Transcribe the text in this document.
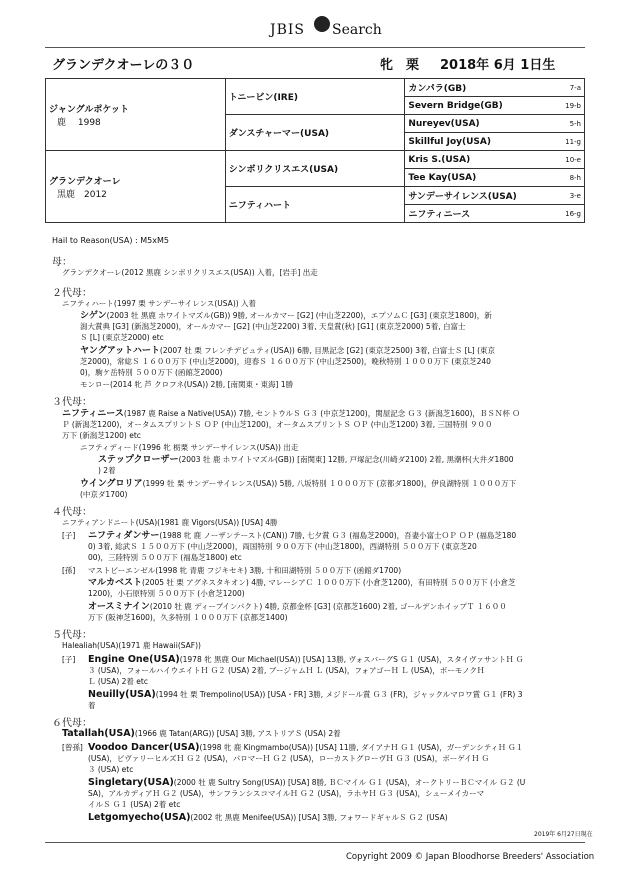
JBIS Search
グランデクオーレの３０	牝　栗 2018年 6月 1日生
ジャングルポケット
鹿　 1998	トニービン(IRE)	カンパラ(GB)	7-a
		Severn Bridge(GB)	19-b
	ダンスチャーマー(USA)	Nureyev(USA)	5-h
		Skillful Joy(USA)	11-g

グランデクオーレ
黒鹿　2012	シンボリクリスエス(USA)	Kris S.(USA)	10-e
		Tee Kay(USA)	8-h
	ニフティハート	サンデーサイレンス(USA)	3-e
		ニフティニース	16-g
Hail to Reason(USA) : M5xM5
母：
グランデクオーレ(2012 黒鹿 シンボリクリスエス(USA)) 入着，[岩手] 出走
２代母：
ニフティハート(1997 栗 サンデーサイレンス(USA)) 入着
シゲン(2003 牡 黒鹿 ホワイトマズル(GB)) 9勝, オールカマー [G2] (中山芝2200)，エプソムＣ [G3] (東京芝1800)，新
潟大賞典 [G3] (新潟芝2000)，オールカマー [G2] (中山芝2200) 3着, 天皇賞(秋) [G1] (東京芝2000) 5着, 白富士
Ｓ [L] (東京芝2000) etc
ヤングアットハート(2007 牡 栗 フレンチデピュティ(USA)) 6勝, 目黒記念 [G2] (東京芝2500) 3着, 白富士Ｓ [L] (東京
芝2000)，常総Ｓ １６００万下 (中山芝2000)，迎春Ｓ １６００万下 (中山芝2500)，晩秋特別 １０００万下 (東京芝240
0)，駒ケ岳特別 ５００万下 (函館芝2000)
モンロー(2014 牝 芦 クロフネ(USA)) 2勝, [南関東・東海] 1勝
３代母：
ニフティニース(1987 鹿 Raise a Native(USA)) 7勝, セントウルＳ Ｇ３ (中京芝1200)，関屋記念 Ｇ３ (新潟芝1600)，ＢＳＮ杯 Ｏ
Ｐ (新潟芝1200)，オータムスプリントＳ ＯＰ (中山芝1200)，オータムスプリントＳ ＯＰ (中山芝1200) 3着, 三国特別 ９００
万下 (新潟芝1200) etc
ニフティディード(1996 牝 栃栗 サンデーサイレンス(USA)) 出走
ステップクローザー(2003 牡 鹿 ホワイトマズル(GB)) [南関東] 12勝, 戸塚記念(川崎ダ2100) 2着, 黒潮杯(大井ダ1800
) 2着
ウイングロリア(1999 牡 栗 サンデーサイレンス(USA)) 5勝, 八坂特別 １０００万下 (京都ダ1800)，伊良湖特別 １０００万下
(中京ダ1700)
４代母：
ニフティアンドニート(USA)(1981 鹿 Vigors(USA)) [USA] 4勝
[子] ニフティダンサー(1988 牝 鹿 ノーザンテースト(CAN)) 7勝, 七夕賞 Ｇ３ (福島芝2000)，吾妻小富士ＯＰ ＯＰ (福島芝180
0) 3着, 総武Ｓ １５００万下 (中山芝2000)，両国特別 ９００万下 (中山芝1800)，西湖特別 ５００万下 (東京芝20
00)，三陸特別 ５００万下 (福島芝1800) etc
[孫] マストビーエンゼル(1998 牝 青鹿 フジキセキ) 3勝, 十和田湖特別 ５００万下 (函館ダ1700)
マルカベスト(2005 牡 栗 アグネスタキオン) 4勝, マレーシアＣ １０００万下 (小倉芝1200)，有田特別 ５００万下 (小倉芝
1200)，小石原特別 ５００万下 (小倉芝1200)
オースミナイン(2010 牡 鹿 ディープインパクト) 4勝, 京都金杯 [G3] (京都芝1600) 2着, ゴールデンホイップＴ １６００
万下 (阪神芝1600)，久多特別 １０００万下 (京都芝1400)
５代母：
Halealiah(USA)(1971 鹿 Hawaii(SAF))
[子] Engine One(USA)(1978 牝 黒鹿 Our Michael(USA)) [USA] 13勝, ヴォスバーグS Ｇ１ (USA)，スタイヴァサントＨ Ｇ
３ (USA)，フォールハイウエイトＨ Ｇ２ (USA) 2着, ブージャムＨ Ｌ (USA)，フォアゴーＨ Ｌ (USA)，ボーモノクＨ
Ｌ (USA) 2着 etc
Neuilly(USA)(1994 牡 栗 Trempolino(USA)) [USA・FR] 3勝, メジドール賞 Ｇ３ (FR)，ジャックルマロワ賞 Ｇ１ (FR) 3
着
６代母：
Tatallah(USA)(1966 鹿 Tatan(ARG)) [USA] 3勝, アストリアＳ (USA) 2着
[曾孫] Voodoo Dancer(USA)(1998 牝 鹿 Kingmambo(USA)) [USA] 11勝, ダイアナＨ Ｇ１ (USA)，ガーデンシティＨ Ｇ１
(USA)，ビヴァリーヒルズＨ Ｇ２ (USA)，パロマーＨ Ｇ２ (USA)，ローカストグローヴＨ Ｇ３ (USA)，ボーゲイＨ Ｇ
３ (USA) etc
Singletary(USA)(2000 牡 鹿 Sultry Song(USA)) [USA] 8勝, ＢＣマイル Ｇ１ (USA)，オークトリーＢＣマイル Ｇ２ (U
SA)，アルカディアＨ Ｇ２ (USA)，サンフランシスコマイルＨ Ｇ２ (USA)，ラホヤＨ Ｇ３ (USA)，シューメイカーマ
イルＳ Ｇ１ (USA) 2着 etc
Letgomyecho(USA)(2002 牝 黒鹿 Menifee(USA)) [USA] 3勝, フォワードギャルＳ Ｇ２ (USA)
2019年 6月27日現在
Copyright 2009 © Japan Bloodhorse Breeders' Association
